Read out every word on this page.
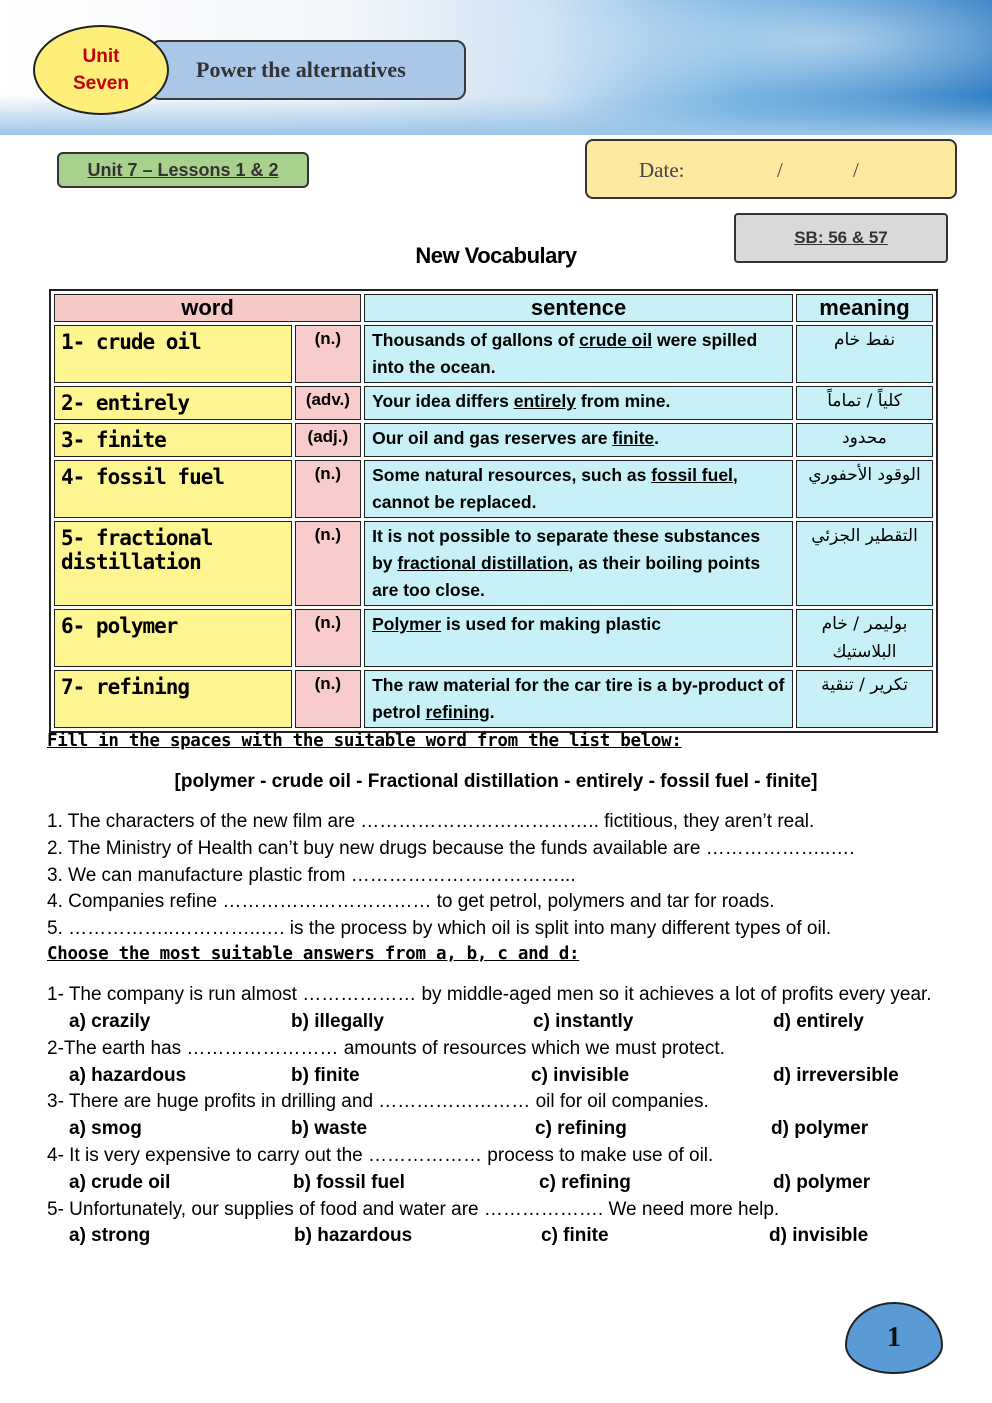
Power the alternatives
Unit
Seven
Unit 7 – Lessons 1 & 2	Date:	/	/
SB: 56 & 57
New Vocabulary
word		sentence	meaning
1- crude oil	(n.)	Thousands of gallons of crude oil were spilled into the ocean.	نفط خام
2- entirely	(adv.)	Your idea differs entirely from mine.	كلياً / تماماً
3- finite	(adj.)	Our oil and gas reserves are finite.	محدود
4- fossil fuel	(n.)	Some natural resources, such as fossil fuel, cannot be replaced.	الوقود الأحفوري
5- fractional distillation	(n.)	It is not possible to separate these substances by fractional distillation, as their boiling points are too close.	التقطير الجزئي
6- polymer	(n.)	Polymer is used for making plastic	بوليمر / خام البلاستيك
7- refining	(n.)	The raw material for the car tire is a by-product of petrol refining.	تكرير / تنقية
Fill in the spaces with the suitable word from the list below:
[polymer - crude oil - Fractional distillation - entirely - fossil fuel - finite]
1. The characters of the new film are ……………………………….. fictitious, they aren’t real.
2. The Ministry of Health can’t buy new drugs because the funds available are ………………..….
3. We can manufacture plastic from ……………………………...
4. Companies refine …………………………… to get petrol, polymers and tar for roads.
5. ……………..…………..…. is the process by which oil is split into many different types of oil.
Choose the most suitable answers from a, b, c and d:
1- The company is run almost ……………… by middle-aged men so it achieves a lot of profits every year.
a) crazily	b) illegally	c) instantly	d) entirely
2-The earth has …………………… amounts of resources which we must protect.
a) hazardous	b) finite	c) invisible	d) irreversible
3- There are huge profits in drilling and …………………… oil for oil companies.
a) smog	b) waste	c) refining	d) polymer
4- It is very expensive to carry out the ……………… process to make use of oil.
a) crude oil	b) fossil fuel	c) refining	d) polymer
5- Unfortunately, our supplies of food and water are ………………. We need more help.
a) strong	b) hazardous	c) finite	d) invisible
1
